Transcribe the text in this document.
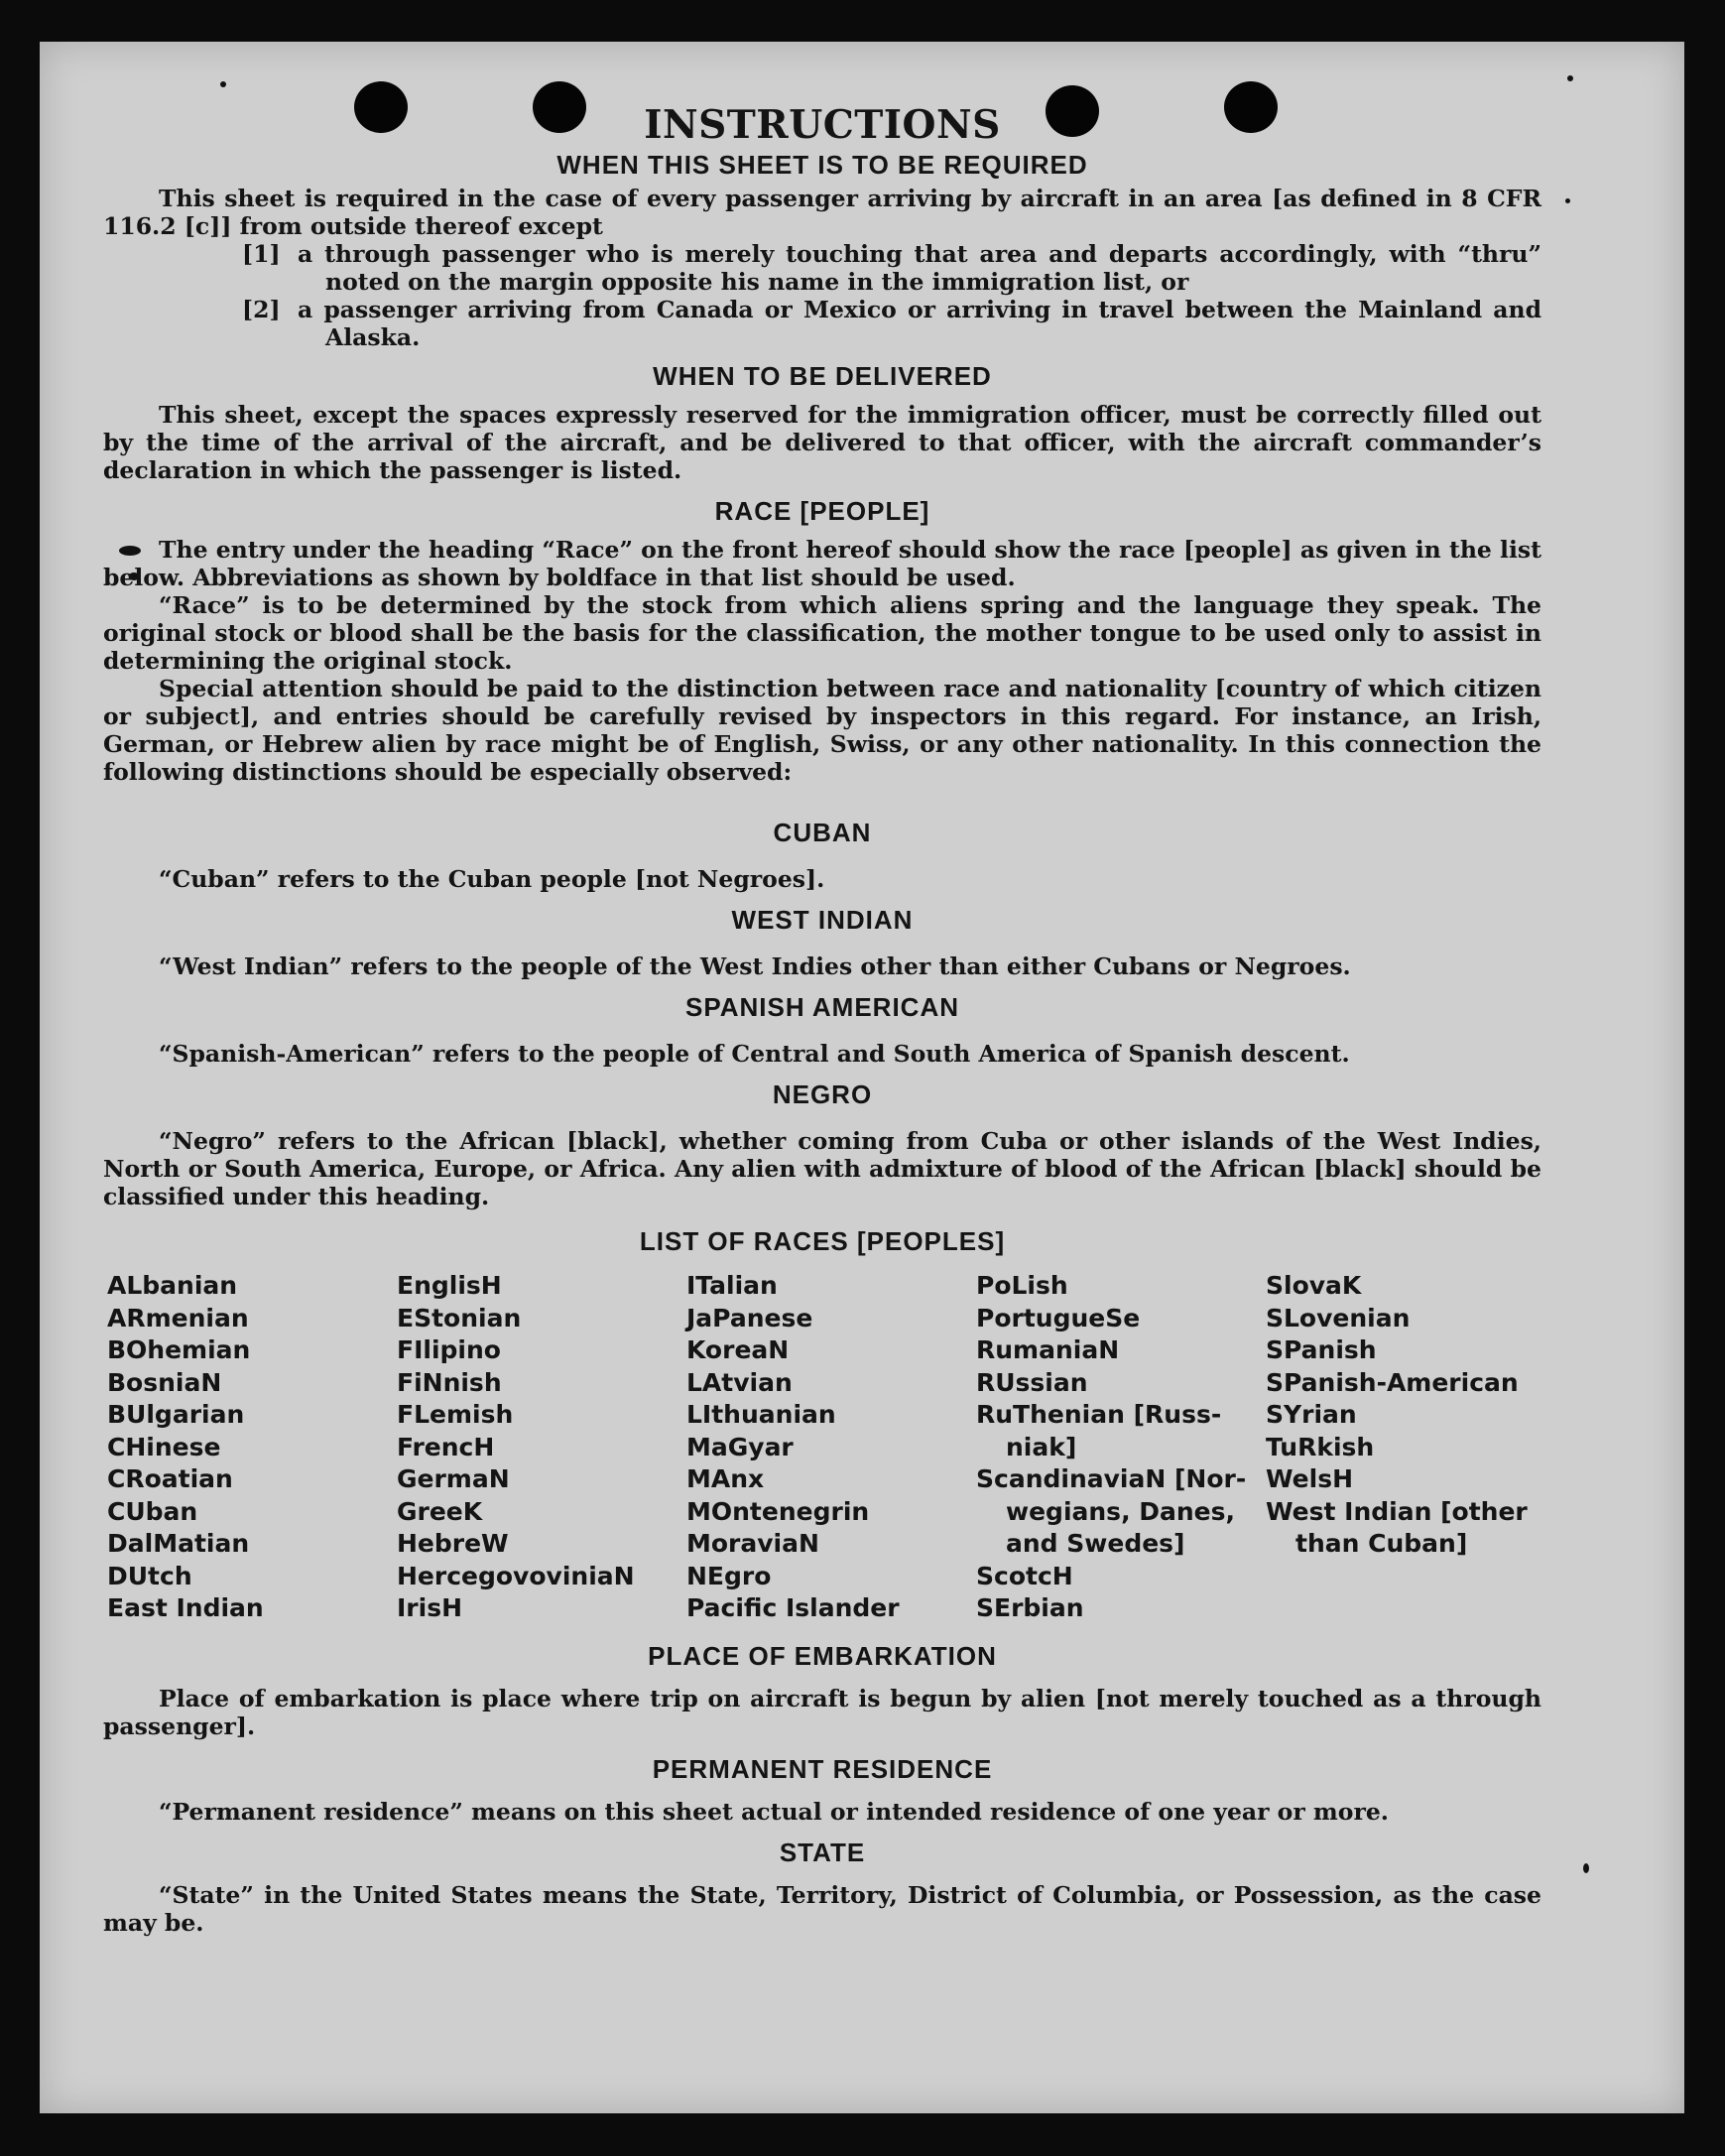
INSTRUCTIONS
WHEN THIS SHEET IS TO BE REQUIRED

This sheet is required in the case of every passenger arriving by aircraft in an area [as defined in 8 CFR 116.2 [c]] from outside thereof except

[1] a through passenger who is merely touching that area and departs accordingly, with “thru” noted on the margin opposite his name in the immigration list, or

[2] a passenger arriving from Canada or Mexico or arriving in travel between the Mainland and Alaska.

WHEN TO BE DELIVERED

This sheet, except the spaces expressly reserved for the immigration officer, must be correctly filled out by the time of the arrival of the aircraft, and be delivered to that officer, with the aircraft commander’s declaration in which the passenger is listed.

RACE [PEOPLE]

The entry under the heading “Race” on the front hereof should show the race [people] as given in the list below. Abbreviations as shown by boldface in that list should be used.

“Race” is to be determined by the stock from which aliens spring and the language they speak. The original stock or blood shall be the basis for the classification, the mother tongue to be used only to assist in determining the original stock.

Special attention should be paid to the distinction between race and nationality [country of which citizen or subject], and entries should be carefully revised by inspectors in this regard. For instance, an Irish, German, or Hebrew alien by race might be of English, Swiss, or any other nationality. In this connection the following distinctions should be especially observed:

CUBAN

“Cuban” refers to the Cuban people [not Negroes].

WEST INDIAN

“West Indian” refers to the people of the West Indies other than either Cubans or Negroes.

SPANISH AMERICAN

“Spanish-American” refers to the people of Central and South America of Spanish descent.

NEGRO

“Negro” refers to the African [black], whether coming from Cuba or other islands of the West Indies, North or South America, Europe, or Africa. Any alien with admixture of blood of the African [black] should be classified under this heading.

LIST OF RACES [PEOPLES]
ALbanian
ARmenian
BOhemian
BosniaN
BUlgarian
CHinese
CRoatian
CUban
DalMatian
DUtch
East Indian
EnglisH
EStonian
FIlipino
FiNnish
FLemish
FrencH
GermaN
GreeK
HebreW
HercegovoviniaN
IrisH
ITalian
JaPanese
KoreaN
LAtvian
LIthuanian
MaGyar
MAnx
MOntenegrin
MoraviaN
NEgro
Pacific Islander
PoLish
PortugueSe
RumaniaN
RUssian
RuThenian [Russ-
niak]
ScandinaviaN [Nor-
wegians, Danes,
and Swedes]
ScotcH
SErbian
SlovaK
SLovenian
SPanish
SPanish-American
SYrian
TuRkish
WelsH
West Indian [other
than Cuban]
PLACE OF EMBARKATION

Place of embarkation is place where trip on aircraft is begun by alien [not merely touched as a through passenger].

PERMANENT RESIDENCE

“Permanent residence” means on this sheet actual or intended residence of one year or more.

STATE

“State” in the United States means the State, Territory, District of Columbia, or Possession, as the case may be.
